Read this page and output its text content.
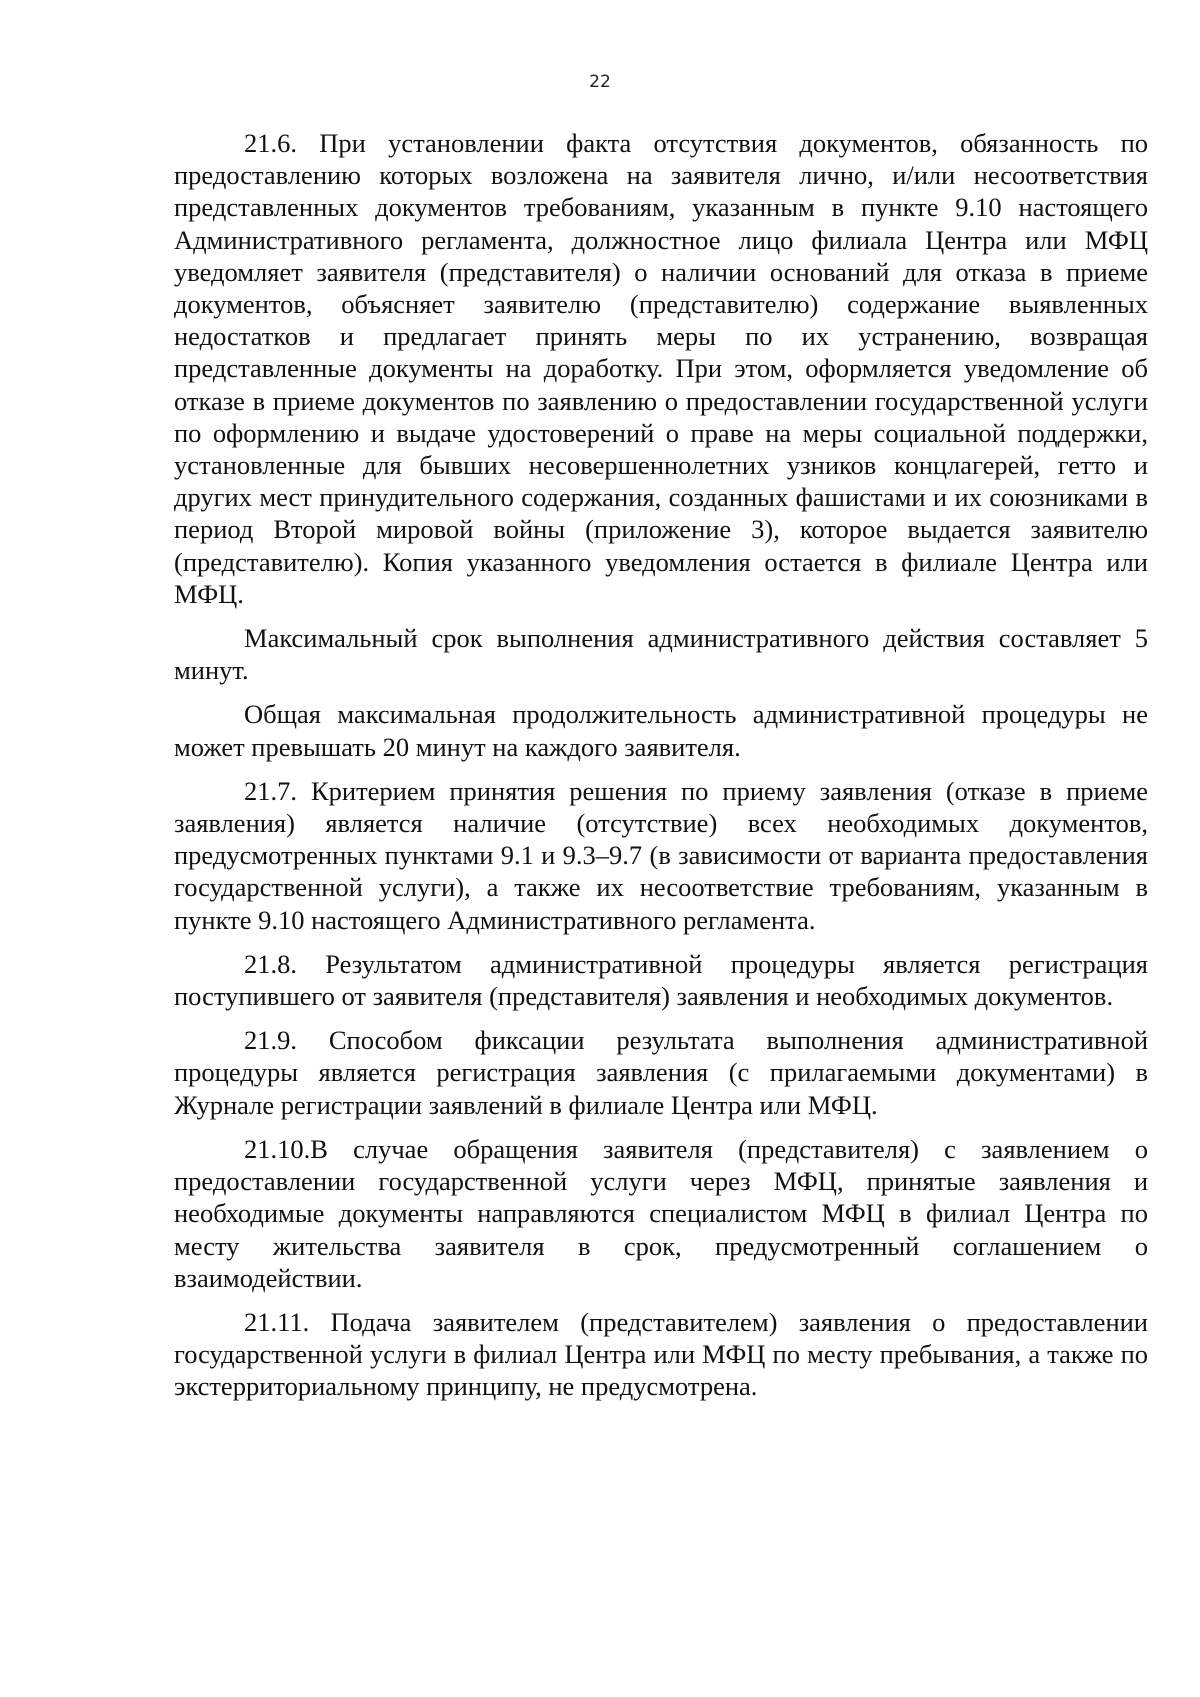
22

21.6. При установлении факта отсутствия документов, обязанность по предоставлению которых возложена на заявителя лично, и/или несоответствия представленных документов требованиям, указанным в пункте 9.10 настоящего Административного регламента, должностное лицо филиала Центра или МФЦ уведомляет заявителя (представителя) о наличии оснований для отказа в приеме документов, объясняет заявителю (представителю) содержание выявленных недостатков и предлагает принять меры по их устранению, возвращая представленные документы на доработку. При этом, оформляется уведомление об отказе в приеме документов по заявлению о предоставлении государственной услуги по оформлению и выдаче удостоверений о праве на меры социальной поддержки, установленные для бывших несовершеннолетних узников концлагерей, гетто и других мест принудительного содержания, созданных фашистами и их союзниками в период Второй мировой войны (приложение 3), которое выдается заявителю (представителю). Копия указанного уведомления остается в филиале Центра или МФЦ.

Максимальный срок выполнения административного действия составляет 5 минут.

Общая максимальная продолжительность административной процедуры не может превышать 20 минут на каждого заявителя.

21.7. Критерием принятия решения по приему заявления (отказе в приеме заявления) является наличие (отсутствие) всех необходимых документов, предусмотренных пунктами 9.1 и 9.3–9.7 (в зависимости от варианта предоставления государственной услуги), а также их несоответствие требованиям, указанным в пункте 9.10 настоящего Административного регламента.

21.8. Результатом административной процедуры является регистрация поступившего от заявителя (представителя) заявления и необходимых документов.

21.9. Способом фиксации результата выполнения административной процедуры является регистрация заявления (с прилагаемыми документами) в Журнале регистрации заявлений в филиале Центра или МФЦ.

21.10.В случае обращения заявителя (представителя) с заявлением о предоставлении государственной услуги через МФЦ, принятые заявления и необходимые документы направляются специалистом МФЦ в филиал Центра по месту жительства заявителя в срок, предусмотренный соглашением о взаимодействии.

21.11. Подача заявителем (представителем) заявления о предоставлении государственной услуги в филиал Центра или МФЦ по месту пребывания, а также по экстерриториальному принципу, не предусмотрена.
